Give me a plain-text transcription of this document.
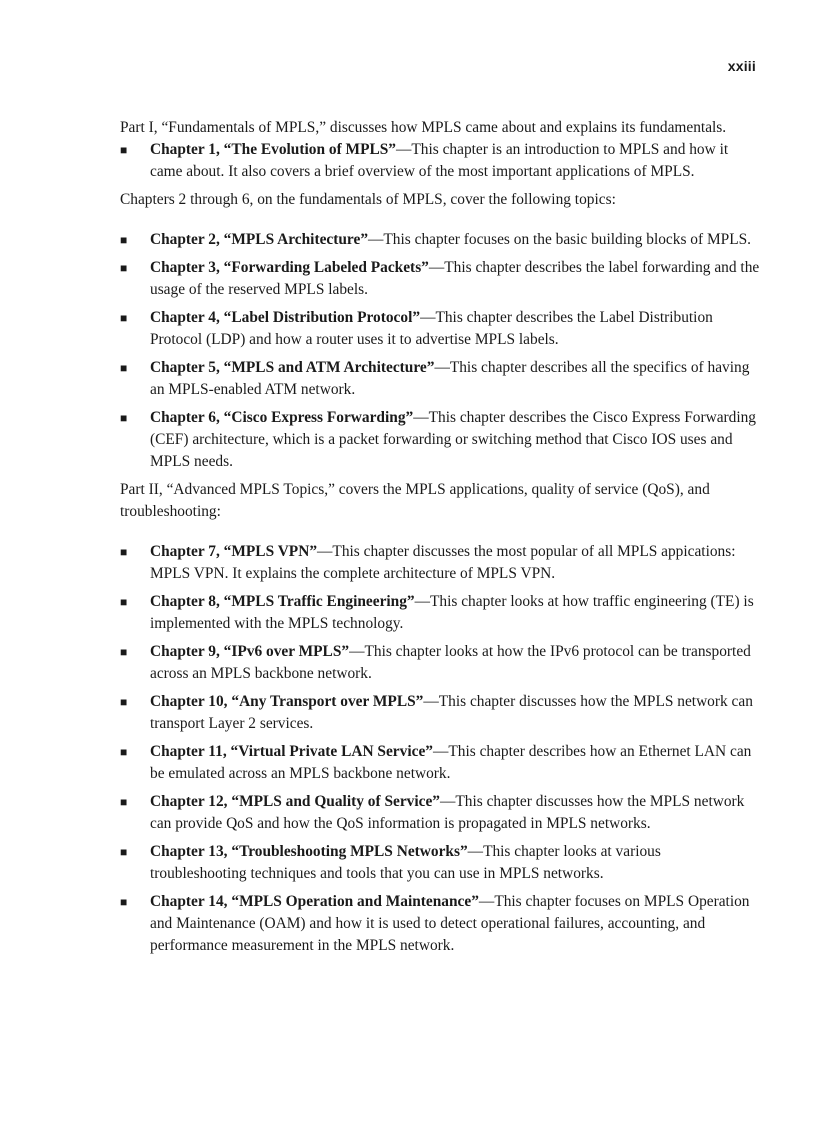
xxiii

Part I, “Fundamentals of MPLS,” discusses how MPLS came about and explains its fundamentals.

■ Chapter 1, “The Evolution of MPLS”—This chapter is an introduction to MPLS and how it came about. It also covers a brief overview of the most important applications of MPLS.

Chapters 2 through 6, on the fundamentals of MPLS, cover the following topics:

■ Chapter 2, “MPLS Architecture”—This chapter focuses on the basic building blocks of MPLS.
■ Chapter 3, “Forwarding Labeled Packets”—This chapter describes the label forwarding and the usage of the reserved MPLS labels.
■ Chapter 4, “Label Distribution Protocol”—This chapter describes the Label Distribution Protocol (LDP) and how a router uses it to advertise MPLS labels.
■ Chapter 5, “MPLS and ATM Architecture”—This chapter describes all the specifics of having an MPLS-enabled ATM network.
■ Chapter 6, “Cisco Express Forwarding”—This chapter describes the Cisco Express Forwarding (CEF) architecture, which is a packet forwarding or switching method that Cisco IOS uses and MPLS needs.

Part II, “Advanced MPLS Topics,” covers the MPLS applications, quality of service (QoS), and troubleshooting:

■ Chapter 7, “MPLS VPN”—This chapter discusses the most popular of all MPLS appications: MPLS VPN. It explains the complete architecture of MPLS VPN.
■ Chapter 8, “MPLS Traffic Engineering”—This chapter looks at how traffic engineering (TE) is implemented with the MPLS technology.
■ Chapter 9, “IPv6 over MPLS”—This chapter looks at how the IPv6 protocol can be transported across an MPLS backbone network.
■ Chapter 10, “Any Transport over MPLS”—This chapter discusses how the MPLS network can transport Layer 2 services.
■ Chapter 11, “Virtual Private LAN Service”—This chapter describes how an Ethernet LAN can be emulated across an MPLS backbone network.
■ Chapter 12, “MPLS and Quality of Service”—This chapter discusses how the MPLS network can provide QoS and how the QoS information is propagated in MPLS networks.
■ Chapter 13, “Troubleshooting MPLS Networks”—This chapter looks at various troubleshooting techniques and tools that you can use in MPLS networks.
■ Chapter 14, “MPLS Operation and Maintenance”—This chapter focuses on MPLS Operation and Maintenance (OAM) and how it is used to detect operational failures, accounting, and performance measurement in the MPLS network.
